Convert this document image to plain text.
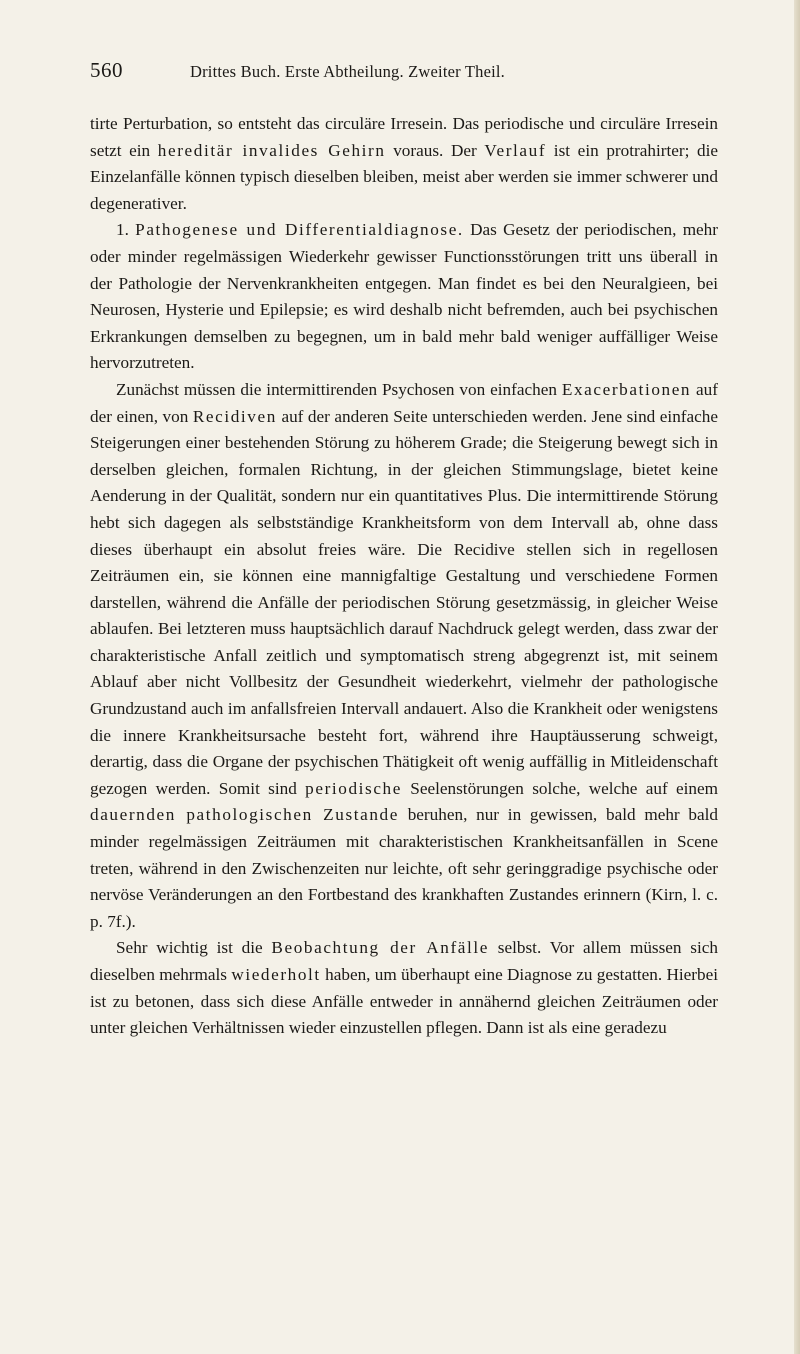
560	Drittes Buch. Erste Abtheilung. Zweiter Theil.

tirte Perturbation, so entsteht das circuläre Irresein. Das periodische und circuläre Irresein setzt ein hereditär invalides Gehirn voraus. Der Verlauf ist ein protrahirter; die Einzelanfälle können typisch dieselben bleiben, meist aber werden sie immer schwerer und degenerativer.

1. Pathogenese und Differentialdiagnose. Das Gesetz der periodischen, mehr oder minder regelmässigen Wiederkehr gewisser Functionsstörungen tritt uns überall in der Pathologie der Nervenkrankheiten entgegen. Man findet es bei den Neuralgieen, bei Neurosen, Hysterie und Epilepsie; es wird deshalb nicht befremden, auch bei psychischen Erkrankungen demselben zu begegnen, um in bald mehr bald weniger auffälliger Weise hervorzutreten.

Zunächst müssen die intermittirenden Psychosen von einfachen Exacerbationen auf der einen, von Recidiven auf der anderen Seite unterschieden werden. Jene sind einfache Steigerungen einer bestehenden Störung zu höherem Grade; die Steigerung bewegt sich in derselben gleichen, formalen Richtung, in der gleichen Stimmungslage, bietet keine Aenderung in der Qualität, sondern nur ein quantitatives Plus. Die intermittirende Störung hebt sich dagegen als selbstständige Krankheitsform von dem Intervall ab, ohne dass dieses überhaupt ein absolut freies wäre. Die Recidive stellen sich in regellosen Zeiträumen ein, sie können eine mannigfaltige Gestaltung und verschiedene Formen darstellen, während die Anfälle der periodischen Störung gesetzmässig, in gleicher Weise ablaufen. Bei letzteren muss hauptsächlich darauf Nachdruck gelegt werden, dass zwar der charakteristische Anfall zeitlich und symptomatisch streng abgegrenzt ist, mit seinem Ablauf aber nicht Vollbesitz der Gesundheit wiederkehrt, vielmehr der pathologische Grundzustand auch im anfallsfreien Intervall andauert. Also die Krankheit oder wenigstens die innere Krankheitsursache besteht fort, während ihre Hauptäusserung schweigt, derartig, dass die Organe der psychischen Thätigkeit oft wenig auffällig in Mitleidenschaft gezogen werden. Somit sind periodische Seelenstörungen solche, welche auf einem dauernden pathologischen Zustande beruhen, nur in gewissen, bald mehr bald minder regelmässigen Zeiträumen mit charakteristischen Krankheitsanfällen in Scene treten, während in den Zwischenzeiten nur leichte, oft sehr geringgradige psychische oder nervöse Veränderungen an den Fortbestand des krankhaften Zustandes erinnern (Kirn, l. c. p. 7f.).

Sehr wichtig ist die Beobachtung der Anfälle selbst. Vor allem müssen sich dieselben mehrmals wiederholt haben, um überhaupt eine Diagnose zu gestatten. Hierbei ist zu betonen, dass sich diese Anfälle entweder in annähernd gleichen Zeiträumen oder unter gleichen Verhältnissen wieder einzustellen pflegen. Dann ist als eine geradezu
